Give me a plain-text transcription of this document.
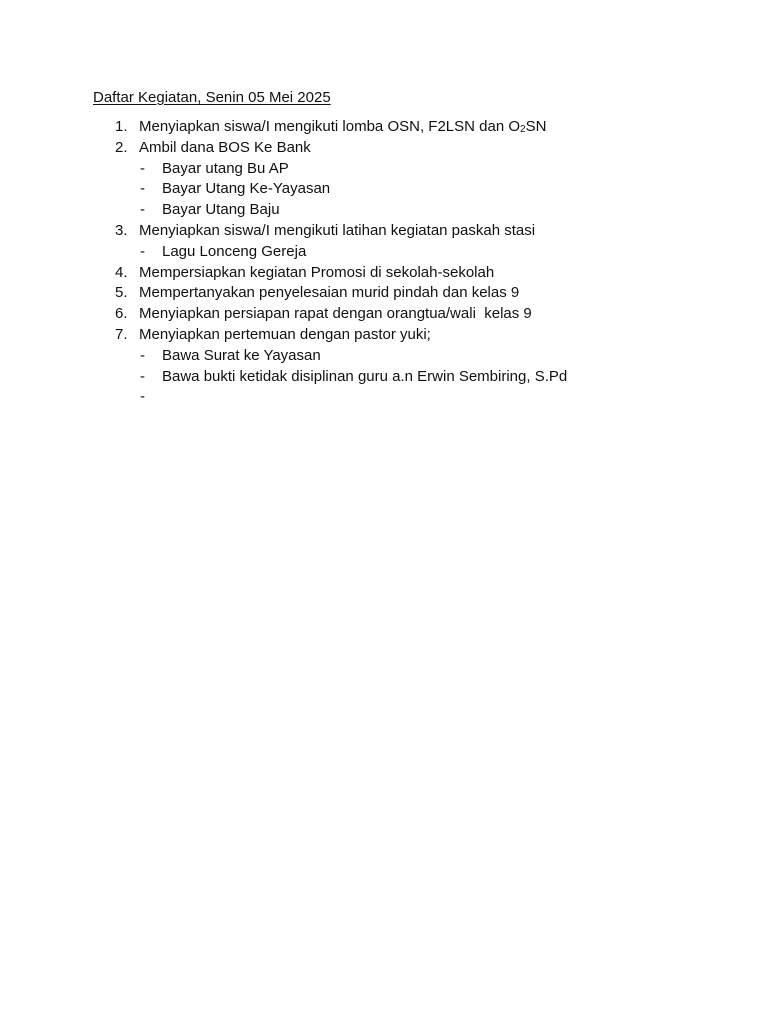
Daftar Kegiatan, Senin 05 Mei 2025
1. Menyiapkan siswa/I mengikuti lomba OSN, F2LSN dan $O_2SN$
2. Ambil dana BOS Ke Bank
- Bayar utang Bu AP
- Bayar Utang Ke-Yayasan
- Bayar Utang Baju
3. Menyiapkan siswa/I mengikuti latihan kegiatan paskah stasi
- Lagu Lonceng Gereja
4. Mempersiapkan kegiatan Promosi di sekolah-sekolah
5. Mempertanyakan penyelesaian murid pindah dan kelas 9
6. Menyiapkan persiapan rapat dengan orangtua/wali  kelas 9
7. Menyiapkan pertemuan dengan pastor yuki;
- Bawa Surat ke Yayasan
- Bawa bukti ketidak disiplinan guru a.n Erwin Sembiring, S.Pd
-
